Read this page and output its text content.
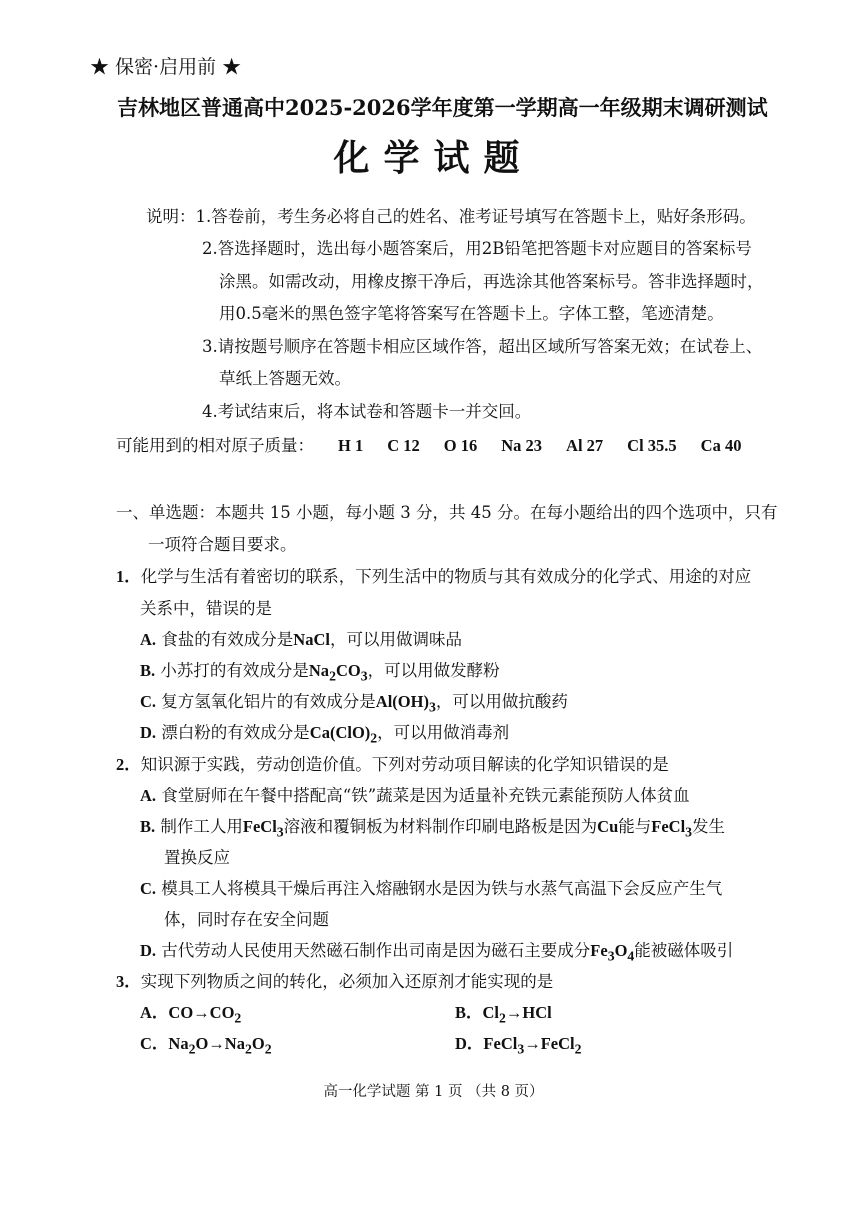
★ 保密·启用前 ★
吉林地区普通高中2025-2026学年度第一学期高一年级期末调研测试
化学试题
说明：1.答卷前，考生务必将自己的姓名、准考证号填写在答题卡上，贴好条形码。
2.答选择题时，选出每小题答案后，用2B铅笔把答题卡对应题目的答案标号
涂黑。如需改动，用橡皮擦干净后，再选涂其他答案标号。答非选择题时，
用0.5毫米的黑色签字笔将答案写在答题卡上。字体工整，笔迹清楚。
3.请按题号顺序在答题卡相应区域作答，超出区域所写答案无效；在试卷上、
草纸上答题无效。
4.考试结束后，将本试卷和答题卡一并交回。
可能用到的相对原子质量： H 1 C 12 O 16 Na 23 Al 27 Cl 35.5 Ca 40
一、单选题：本题共 15 小题，每小题 3 分，共 45 分。在每小题给出的四个选项中，只有
一项符合题目要求。
1．化学与生活有着密切的联系，下列生活中的物质与其有效成分的化学式、用途的对应
关系中，错误的是
A. 食盐的有效成分是NaCl，可以用做调味品
B. 小苏打的有效成分是$Na_2CO_3$，可以用做发酵粉
C. 复方氢氧化铝片的有效成分是$Al(OH)_3$，可以用做抗酸药
D. 漂白粉的有效成分是$Ca(ClO)_2$，可以用做消毒剂
2．知识源于实践，劳动创造价值。下列对劳动项目解读的化学知识错误的是
A. 食堂厨师在午餐中搭配高“铁”蔬菜是因为适量补充铁元素能预防人体贫血
B. 制作工人用FeCl$_3$溶液和覆铜板为材料制作印刷电路板是因为Cu能与FeCl$_3$发生
置换反应
C. 模具工人将模具干燥后再注入熔融钢水是因为铁与水蒸气高温下会反应产生气
体，同时存在安全问题
D. 古代劳动人民使用天然磁石制作出司南是因为磁石主要成分$Fe_3O_4$能被磁体吸引
3．实现下列物质之间的转化，必须加入还原剂才能实现的是
A．$CO\to CO_2$	B．$Cl_2\to HCl$
C．$Na_2O\to Na_2O_2$	D．FeCl$_3$→FeCl$_2$
高一化学试题 第 1 页 （共 8 页）
